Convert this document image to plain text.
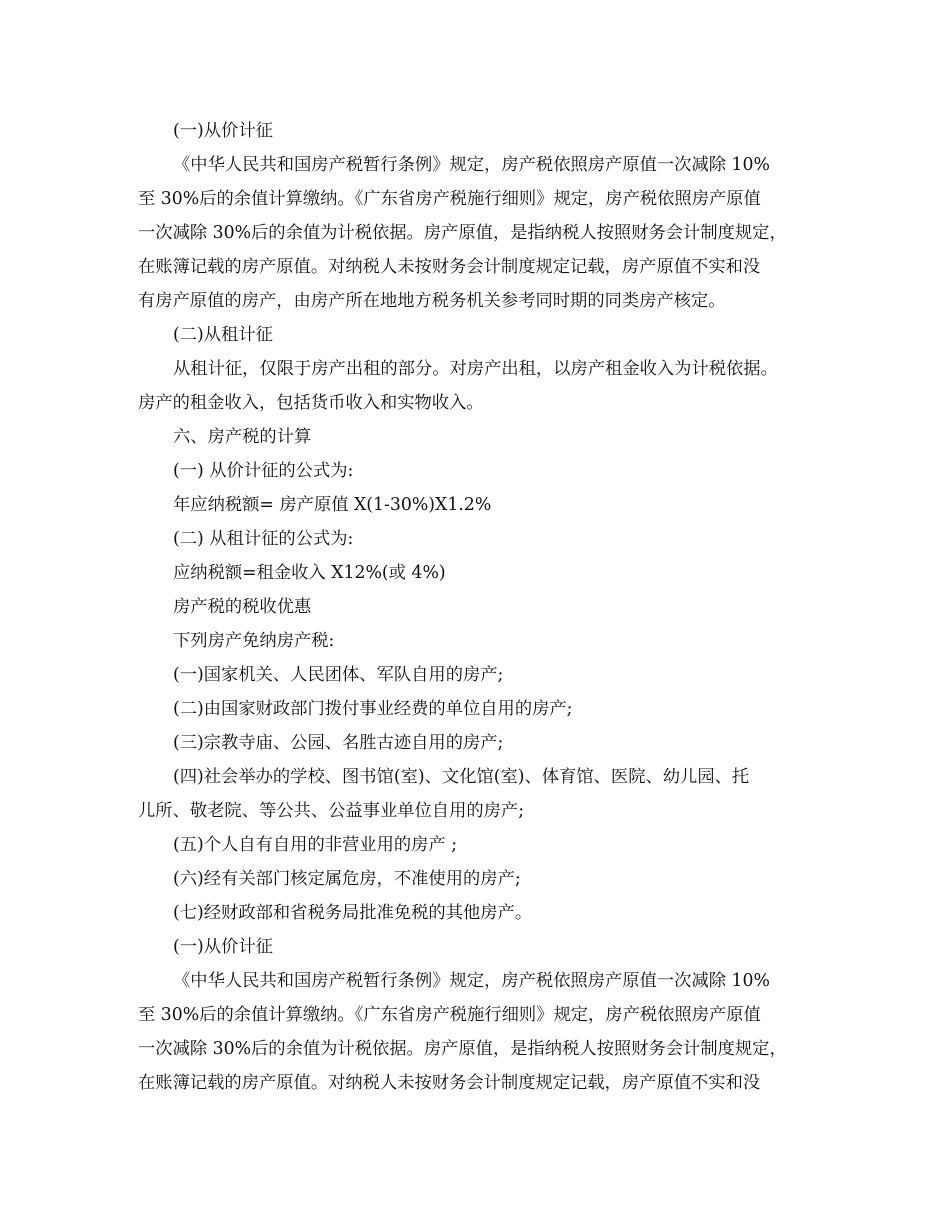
(一)从价计征
《中华人民共和国房产税暂行条例》规定，房产税依照房产原值一次减除 10%
至 30%后的余值计算缴纳。《广东省房产税施行细则》规定，房产税依照房产原值
一次减除 30%后的余值为计税依据。房产原值，是指纳税人按照财务会计制度规定，
在账簿记载的房产原值。对纳税人未按财务会计制度规定记载，房产原值不实和没
有房产原值的房产，由房产所在地地方税务机关参考同时期的同类房产核定。
(二)从租计征
从租计征，仅限于房产出租的部分。对房产出租，以房产租金收入为计税依据。
房产的租金收入，包括货币收入和实物收入。
六、房产税的计算
(一) 从价计征的公式为:
年应纳税额= 房产原值 X(1-30%)X1.2%
(二) 从租计征的公式为:
应纳税额=租金收入 X12%(或 4%)
房产税的税收优惠
下列房产免纳房产税:
(一)国家机关、人民团体、军队自用的房产;
(二)由国家财政部门拨付事业经费的单位自用的房产;
(三)宗教寺庙、公园、名胜古迹自用的房产;
(四)社会举办的学校、图书馆(室)、文化馆(室)、体育馆、医院、幼儿园、托
儿所、敬老院、等公共、公益事业单位自用的房产;
(五)个人自有自用的非营业用的房产 ;
(六)经有关部门核定属危房，不准使用的房产;
(七)经财政部和省税务局批准免税的其他房产。
(一)从价计征
《中华人民共和国房产税暂行条例》规定，房产税依照房产原值一次减除 10%
至 30%后的余值计算缴纳。《广东省房产税施行细则》规定，房产税依照房产原值
一次减除 30%后的余值为计税依据。房产原值，是指纳税人按照财务会计制度规定，
在账簿记载的房产原值。对纳税人未按财务会计制度规定记载，房产原值不实和没
